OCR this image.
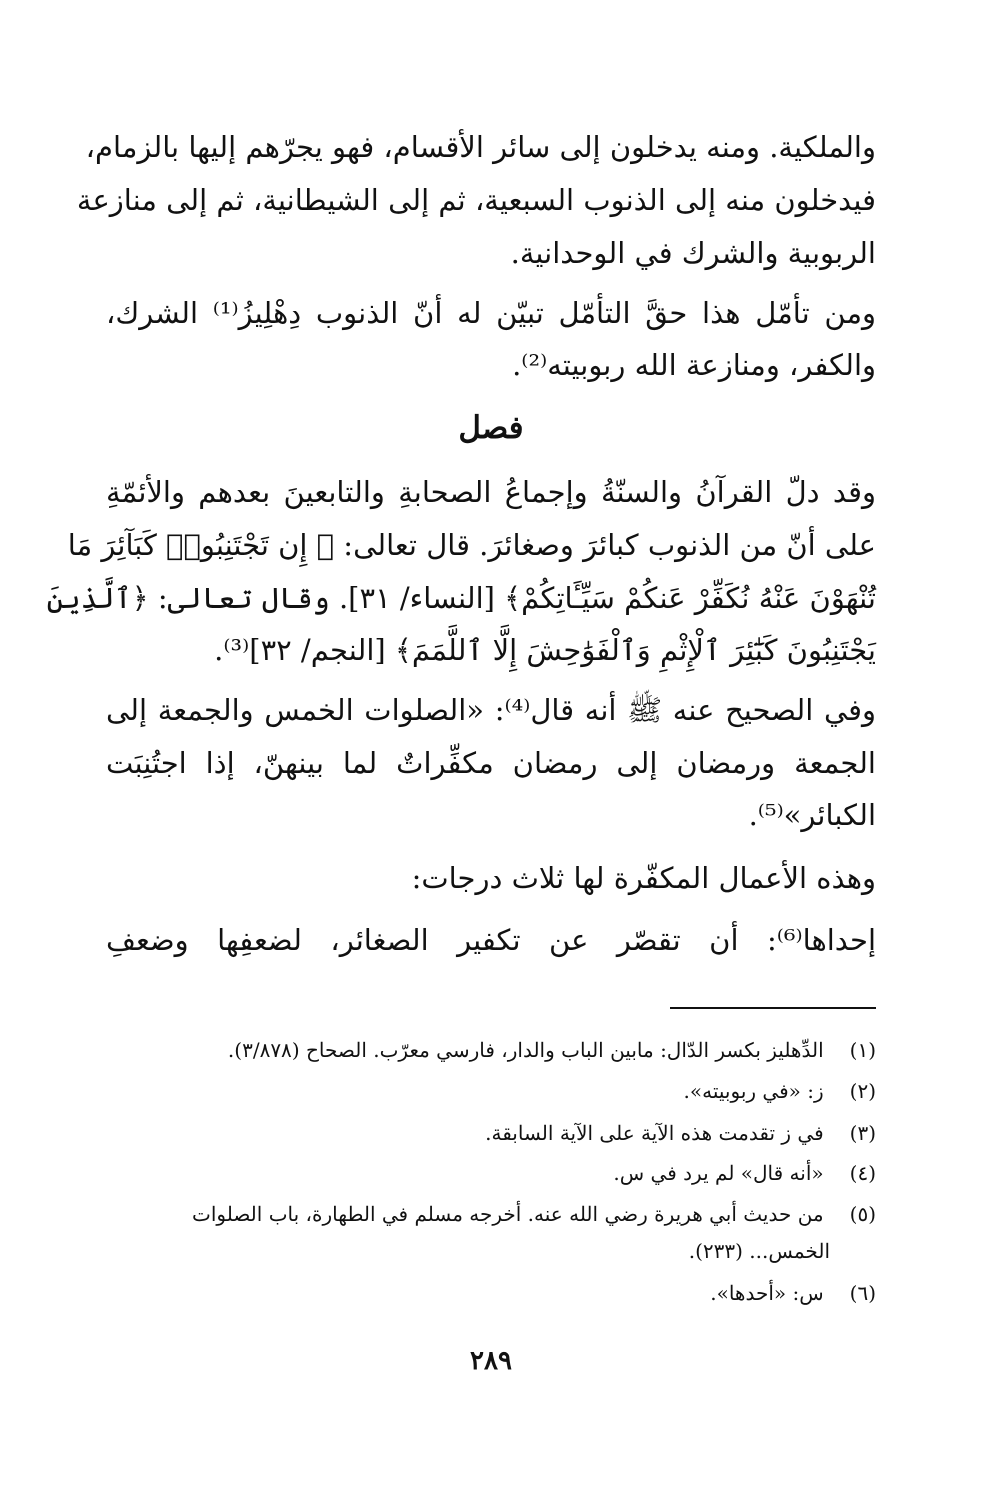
والملكية. ومنه يدخلون إلى سائر الأقسام، فهو يجرّهم إليها بالزمام،
فيدخلون منه إلى الذنوب السبعية، ثم إلى الشيطانية، ثم إلى منازعة
الربوبية والشرك في الوحدانية.
ومن تأمّل هذا حقَّ التأمّل تبيّن له أنّ الذنوب دِهْلِيزُ⁽¹⁾ الشرك،
والكفر، ومنازعة الله ربوبيته⁽²⁾.
فصل
وقد دلّ القرآنُ والسنّةُ وإجماعُ الصحابةِ والتابعينَ بعدهم والأئمّةِ
على أنّ من الذنوب كبائرَ وصغائرَ. قال تعالى: ﴿ إِن تَجْتَنِبُوا۟ كَبَآئِرَ مَا
تُنْهَوْنَ عَنْهُ نُكَفِّرْ عَنكُمْ سَيِّـَٔاتِكُمْ﴾ [النساء/ ٣١]. وقال تعالى: ﴿ٱلَّذِينَ
يَجْتَنِبُونَ كَبَٰٓئِرَ ٱلْإِثْمِ وَٱلْفَوَٰحِشَ إِلَّا ٱللَّمَمَ﴾ [النجم/ ٣٢]⁽³⁾.
وفي الصحيح عنه ﷺ أنه قال⁽⁴⁾: «الصلوات الخمس والجمعة إلى
الجمعة ورمضان إلى رمضان مكفِّراتٌ لما بينهنّ، إذا اجتُنِبَت
الكبائر»⁽⁵⁾.
وهذه الأعمال المكفّرة لها ثلاث درجات:
إحداها⁽⁶⁾: أن تقصّر عن تكفير الصغائر، لضعفِها وضعفِ
(١) الدِّهليز بكسر الدّال: مابين الباب والدار، فارسي معرّب. الصحاح (٣/٨٧٨).
(٢) ز: «في ربوبيته».
(٣) في ز تقدمت هذه الآية على الآية السابقة.
(٤) «أنه قال» لم يرد في س.
(٥) من حديث أبي هريرة رضي الله عنه. أخرجه مسلم في الطهارة، باب الصلوات
الخمس... (٢٣٣).
(٦) س: «أحدها».
٢٨٩
